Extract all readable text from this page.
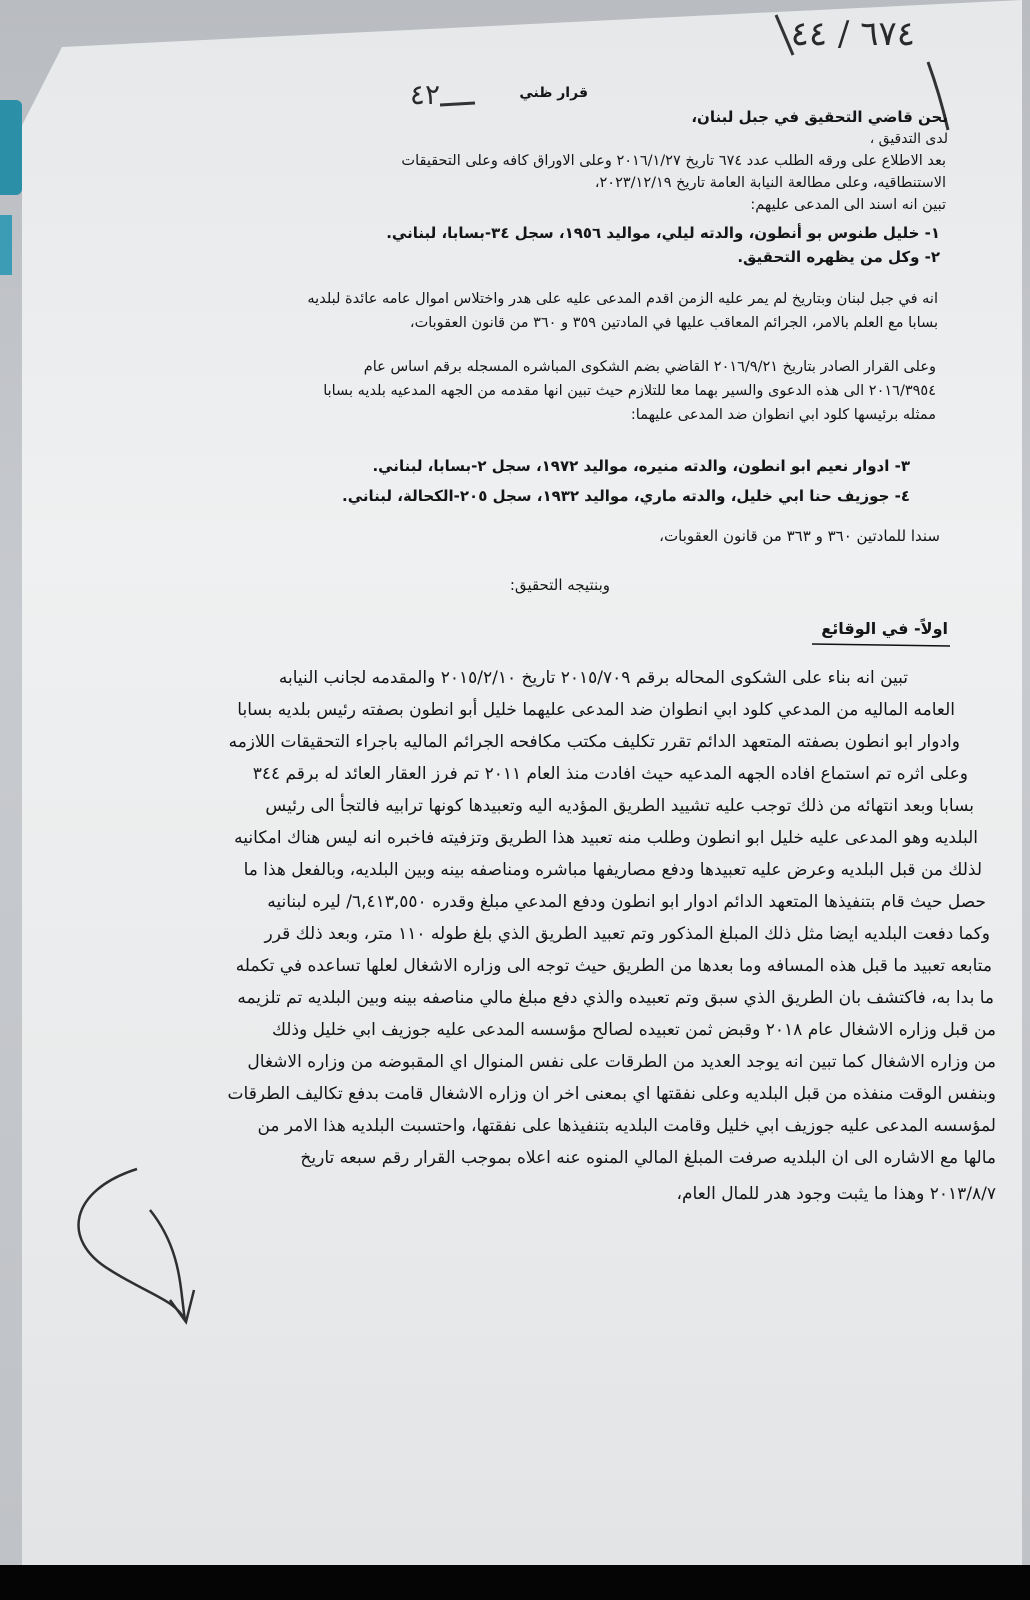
٦٧٤ / ٤٤
قرار ظني
٤٢
نحن قاضي التحقيق في جبل لبنان،
لدى التدقيق ،
بعد الاطلاع على ورقه الطلب عدد ٦٧٤ تاريخ ٢٠١٦/١/٢٧ وعلى الاوراق كافه وعلى التحقيقات
الاستنطاقيه، وعلى مطالعة النيابة العامة تاريخ ٢٠٢٣/١٢/١٩،
تبين انه اسند الى المدعى عليهم:
١- خليل طنوس بو أنطون، والدته ليلي، مواليد ١٩٥٦، سجل ٣٤-بسابا، لبناني.
٢- وكل من يظهره التحقيق.
انه في جبل لبنان وبتاريخ لم يمر عليه الزمن اقدم المدعى عليه على هدر واختلاس اموال عامه عائدة لبلديه
بسابا مع العلم بالامر، الجرائم المعاقب عليها في المادتين ٣٥٩ و ٣٦٠ من قانون العقوبات،
وعلى القرار الصادر بتاريخ ٢٠١٦/٩/٢١ القاضي بضم الشكوى المباشره المسجله برقم اساس عام
٢٠١٦/٣٩٥٤ الى هذه الدعوى والسير بهما معا للتلازم حيث تبين انها مقدمه من الجهه المدعيه بلديه بسابا
ممثله برئيسها كلود ابي انطوان ضد المدعى عليهما:
٣- ادوار نعيم ابو انطون، والدته منيره، مواليد ١٩٧٢، سجل ٢-بسابا، لبناني.
٤- جوزيف حنا ابي خليل، والدته ماري، مواليد ١٩٣٢، سجل ٢٠٥-الكحالة، لبناني.
سندا للمادتين ٣٦٠ و ٣٦٣ من قانون العقوبات،
وبنتيجه التحقيق:
اولاً- في الوقائع
تبين انه بناء على الشكوى المحاله برقم ٢٠١٥/٧٠٩ تاريخ ٢٠١٥/٢/١٠ والمقدمه لجانب النيابه
العامه الماليه من المدعي كلود ابي انطوان ضد المدعى عليهما خليل أبو انطون بصفته رئيس بلديه بسابا
وادوار ابو انطون بصفته المتعهد الدائم تقرر تكليف مكتب مكافحه الجرائم الماليه باجراء التحقيقات اللازمه
وعلى اثره تم استماع افاده الجهه المدعيه حيث افادت منذ العام ٢٠١١ تم فرز العقار العائد له برقم ٣٤٤
بسابا وبعد انتهائه من ذلك توجب عليه تشييد الطريق المؤديه اليه وتعبيدها كونها ترابيه فالتجأ الى رئيس
البلديه وهو المدعى عليه خليل ابو انطون وطلب منه تعبيد هذا الطريق وتزفيته فاخبره انه ليس هناك امكانيه
لذلك من قبل البلديه وعرض عليه تعبيدها ودفع مصاريفها مباشره ومناصفه بينه وبين البلديه، وبالفعل هذا ما
حصل حيث قام بتنفيذها المتعهد الدائم ادوار ابو انطون ودفع المدعي مبلغ وقدره ٦,٤١٣,٥٥٠/ ليره لبنانيه
وكما دفعت البلديه ايضا مثل ذلك المبلغ المذكور وتم تعبيد الطريق الذي بلغ طوله ١١٠ متر، وبعد ذلك قرر
متابعه تعبيد ما قبل هذه المسافه وما بعدها من الطريق حيث توجه الى وزاره الاشغال لعلها تساعده في تكمله
ما بدا به، فاكتشف بان الطريق الذي سبق وتم تعبيده والذي دفع مبلغ مالي مناصفه بينه وبين البلديه تم تلزيمه
من قبل وزاره الاشغال عام ٢٠١٨ وقبض ثمن تعبيده لصالح مؤسسه المدعى عليه جوزيف ابي خليل وذلك
من وزاره الاشغال كما تبين انه يوجد العديد من الطرقات على نفس المنوال اي المقبوضه من وزاره الاشغال
وبنفس الوقت منفذه من قبل البلديه وعلى نفقتها اي بمعنى اخر ان وزاره الاشغال قامت بدفع تكاليف الطرقات
لمؤسسه المدعى عليه جوزيف ابي خليل وقامت البلديه بتنفيذها على نفقتها، واحتسبت البلديه هذا الامر من
مالها مع الاشاره الى ان البلديه صرفت المبلغ المالي المنوه عنه اعلاه بموجب القرار رقم سبعه تاريخ
٢٠١٣/٨/٧ وهذا ما يثبت وجود هدر للمال العام،
